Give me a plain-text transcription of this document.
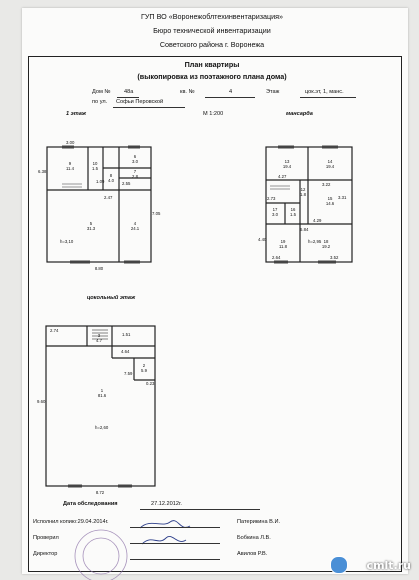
ГУП ВО «Воронежоблтехинвентаризация»
Бюро технической инвентаризации
Советского района г. Воронежа
План квартиры
(выкопировка из поэтажного плана дома)
Дом № 48а	кв. №	4	Этаж	цок.эт, 1, манс.
по ул. Софьи Перовской
М 1:200
1 этаж	мансарда
цокольный этаж
9
11.4
10
1.5
8
4.0
7
2.8
6
3.0
5
31.3
4
24.1
3.00
6.38
7.05
2.55
1.09
2.47
8.80
h=3,10
13
19.4
14
19.4
12
1.8
15
14.6
17
3.0
16
1.5
18
19.2
19
11.8
4.27
3.22
3.31
2.73
4.29
6.84
4.40
2.64	3.52
h=2,95
3
4.7
2
5.9
1
81.6
2.74
1.51
4.64
7.59
0.23
9.60
8.72
h=2,60
Дата обследования	27.12.2012г.
Исполнил копию:29.04.2014г.	Патерикина В.И.
Проверил	Бобкина Л.В.
Директор	Авилов Р.В.
cmlt.ru
